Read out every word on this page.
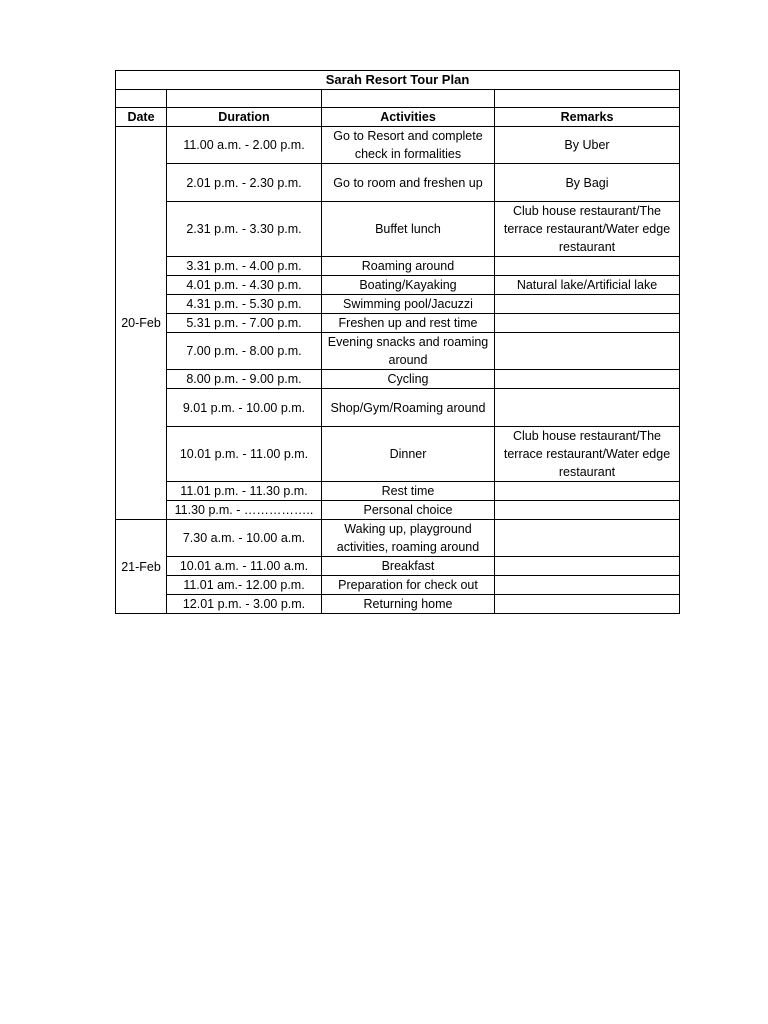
Sarah Resort Tour Plan			

Date	Duration	Activities	Remarks
20-Feb	11.00 a.m. - 2.00 p.m.	Go to Resort and complete check in formalities	By Uber
	2.01 p.m. - 2.30 p.m.	Go to room and freshen up	By Bagi
	2.31 p.m. - 3.30 p.m.	Buffet lunch	Club house restaurant/The terrace restaurant/Water edge restaurant
	3.31 p.m. - 4.00 p.m.	Roaming around	
	4.01 p.m. - 4.30 p.m.	Boating/Kayaking	Natural lake/Artificial lake
	4.31 p.m. - 5.30 p.m.	Swimming pool/Jacuzzi	
	5.31 p.m. - 7.00 p.m.	Freshen up and rest time	
	7.00 p.m. - 8.00 p.m.	Evening snacks and roaming around	
	8.00 p.m. - 9.00 p.m.	Cycling	
	9.01 p.m. - 10.00 p.m.	Shop/Gym/Roaming around	
	10.01 p.m. - 11.00 p.m.	Dinner	Club house restaurant/The terrace restaurant/Water edge restaurant
	11.01 p.m. - 11.30 p.m.	Rest time	
	11.30 p.m. - ……………..	Personal choice	
21-Feb	7.30 a.m. - 10.00 a.m.	Waking up, playground activities, roaming around	
	10.01 a.m. - 11.00 a.m.	Breakfast	
	11.01 am.- 12.00 p.m.	Preparation for check out	
	12.01 p.m. - 3.00 p.m.	Returning home	
